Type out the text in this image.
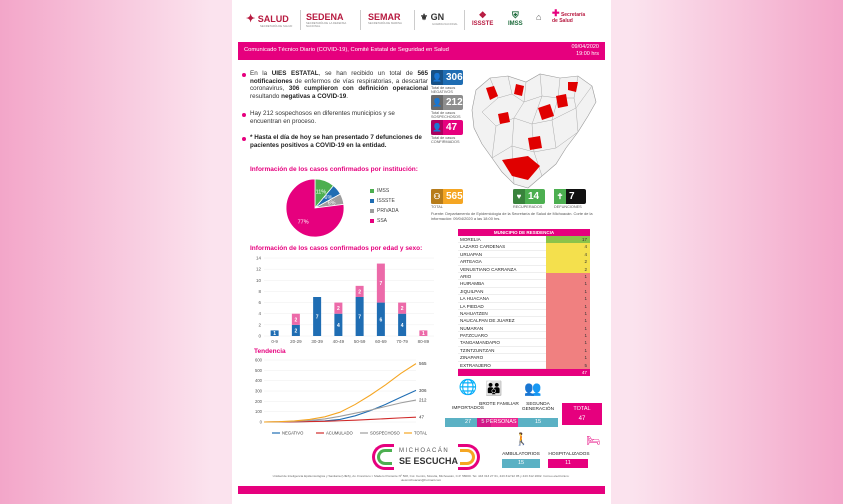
✦ SALUD
SECRETARÍA DE SALUD
SEDENA
SECRETARÍA DE LA DEFENSA NACIONAL
SEMAR
SECRETARÍA DE MARINA
⚜ GN
GUARDIA NACIONAL
❖
ISSSTE
⛨
IMSS
⌂ ✚ Secretaría de Salud
Comunicado Técnico Diario (COVID-19), Comité Estatal de Seguridad en Salud	09/04/2020
19:00 hrs
En la UIES ESTATAL, se han recibido un total de 565 notificaciones de enfermos de vías respiratorias, a descartar coronavirus, 306 cumplieron con definición operacional resultando negativas a COVID-19.
Hay 212 sospechosos en diferentes municipios y se encuentran en proceso.
* Hasta el día de hoy se han presentado 7 defunciones de pacientes positivos a COVID-19 en la entidad.
👤 306
Total de casos NEGATIVOS
👤 212
Total de casos SOSPECHOSOS
👤 47
Total de casos CONFIRMADOS
⚇ 565
TOTAL
♥ 14
RECUPERADOS
✝ 7
DEFUNCIONES
Fuente: Departamento de Epidemiología de la Secretaría de Salud de Michoacán. Corte de la información: 09/04/2020 a las 18:00 hrs.
Información de los casos confirmados por institución:
11%
6%
6%
77%
IMSS
ISSSTE
PRIVADA
SSA
Información de los casos confirmados por edad y sexo:
0
2
4
6
8
10
12
14
1
0-9
2
2
20-29
7
30-39
4
2
40-49
7
2
50-59
6
7
60-69
4
2
70-79
1
80-89
Tendencia
0
100
200
300
400
500
600
306
47
212
565
NEGATIVO	ACUMULADO	SOSPECHOSO	TOTAL
MUNICIPIO DE RESIDENCIA
MORELIA	17
LAZARO CARDENAS	4
URUAPAN	4
ARTEAGA	2
VENUSTIANO CARRANZA	2
ARIO	1
HUIRAMBA	1
JIQUILPAN	1
LA HUACANA	1
LA PIEDAD	1
NAHUATZEN	1
NAUCALPAN DE JUAREZ	1
NUMARAN	1
PATZCUARO	1
TANGAMANDAPIO	1
TZINTZUNTZAN	1
ZINAPARO	1
EXTRANJERO	5
47
🌐
IMPORTADOS
27
👪
BROTE FAMILIAR
5 PERSONAS
👥
SEGUNDA GENERACIÓN
15
TOTAL
47
🚶
AMBULATORIOS
15
🛏
HOSPITALIZADOS
11
MICHOACÁN
SE ESCUCHA
Unidad de Inteligencia Epidemiológica y Sanitaria (UIES), Av. Francisco I. Madero Poniente Nº 508, Col. Centro, Morelia, Michoacán, C.P. 58000. Tel. 443 313 27 61, 443 312 92 05 y 443 312 2002. Correo electrónico: uiesmichoacan@hotmail.com
